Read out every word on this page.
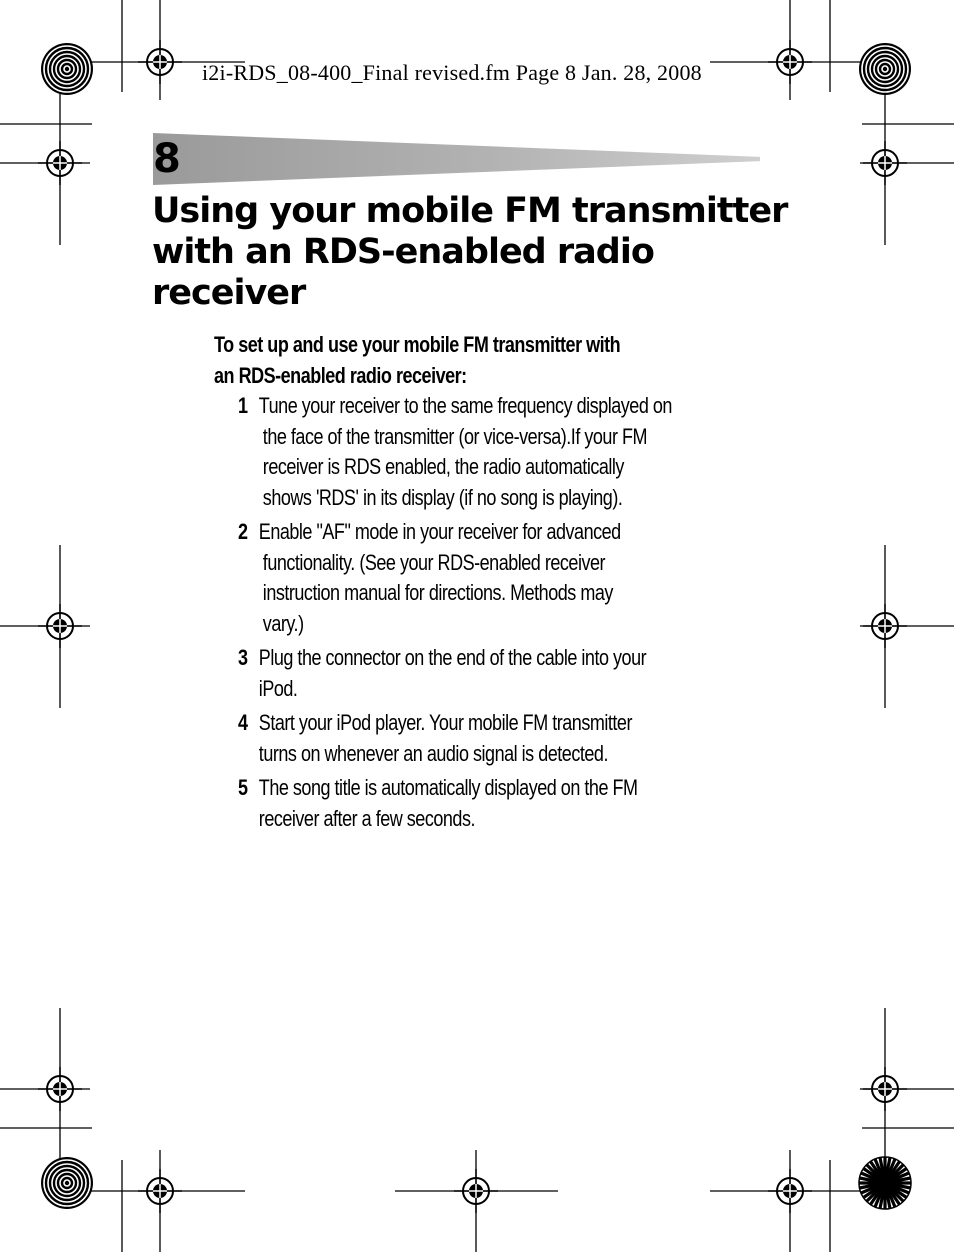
i2i-RDS_08-400_Final revised.fm Page 8 Jan. 28, 2008
8
Using your mobile FM transmitter
with an RDS-enabled radio
receiver

To set up and use your mobile FM transmitter with
an RDS-enabled radio receiver:

1 Tune your receiver to the same frequency displayed on
the face of the transmitter (or vice-versa).If your FM
receiver is RDS enabled, the radio automatically
shows 'RDS' in its display (if no song is playing).
2 Enable "AF" mode in your receiver for advanced
functionality. (See your RDS-enabled receiver
instruction manual for directions. Methods may
vary.)
3 Plug the connector on the end of the cable into your
iPod.
4 Start your iPod player. Your mobile FM transmitter
turns on whenever an audio signal is detected.
5 The song title is automatically displayed on the FM
receiver after a few seconds.
